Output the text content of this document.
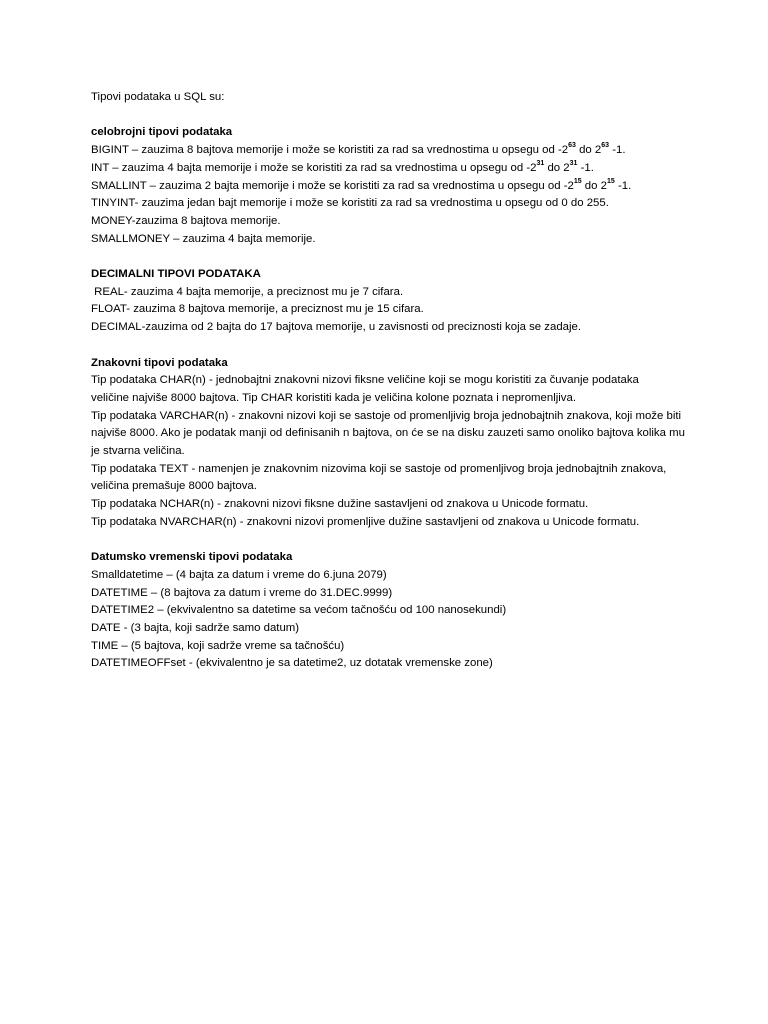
Tipovi podataka u SQL su:

celobrojni tipovi podataka

BIGINT – zauzima 8 bajtova memorije i može se koristiti za rad sa vrednostima u opsegu od $-2^{63}$ do $2^{63}$ -1.

INT – zauzima 4 bajta memorije i može se koristiti za rad sa vrednostima u opsegu od $-2^{31}$ do $2^{31}$ -1.

SMALLINT – zauzima 2 bajta memorije i može se koristiti za rad sa vrednostima u opsegu od $-2^{15}$ do $2^{15}$ -1.

TINYINT- zauzima jedan bajt memorije i može se koristiti za rad sa vrednostima u opsegu od 0 do 255.

MONEY-zauzima 8 bajtova memorije.

SMALLMONEY – zauzima 4 bajta memorije.

DECIMALNI TIPOVI PODATAKA

REAL- zauzima 4 bajta memorije, a preciznost mu je 7 cifara.

FLOAT- zauzima 8 bajtova memorije, a preciznost mu je 15 cifara.

DECIMAL-zauzima od 2 bajta do 17 bajtova memorije, u zavisnosti od preciznosti koja se zadaje.

Znakovni tipovi podataka

Tip podataka CHAR(n) - jednobajtni znakovni nizovi fiksne veličine koji se mogu koristiti za čuvanje podataka veličine najviše 8000 bajtova. Tip CHAR koristiti kada je veličina kolone poznata i nepromenljiva.

Tip podataka VARCHAR(n) - znakovni nizovi koji se sastoje od promenljivig broja jednobajtnih znakova, koji može biti najviše 8000. Ako je podatak manji od definisanih n bajtova, on će se na disku zauzeti samo onoliko bajtova kolika mu je stvarna veličina.

Tip podataka TEXT - namenjen je znakovnim nizovima koji se sastoje od promenljivog broja jednobajtnih znakova, veličina premašuje 8000 bajtova.

Tip podataka NCHAR(n) - znakovni nizovi fiksne dužine sastavljeni od znakova u Unicode formatu.

Tip podataka NVARCHAR(n) - znakovni nizovi promenljive dužine sastavljeni od znakova u Unicode formatu.

Datumsko vremenski tipovi podataka

Smalldatetime – (4 bajta za datum i vreme do 6.juna 2079)

DATETIME – (8 bajtova za datum i vreme do 31.DEC.9999)

DATETIME2 – (ekvivalentno sa datetime sa većom tačnošću od 100 nanosekundi)

DATE - (3 bajta, koji sadrže samo datum)

TIME – (5 bajtova, koji sadrže vreme sa tačnošću)

DATETIMEOFFset - (ekvivalentno je sa datetime2, uz dotatak vremenske zone)
